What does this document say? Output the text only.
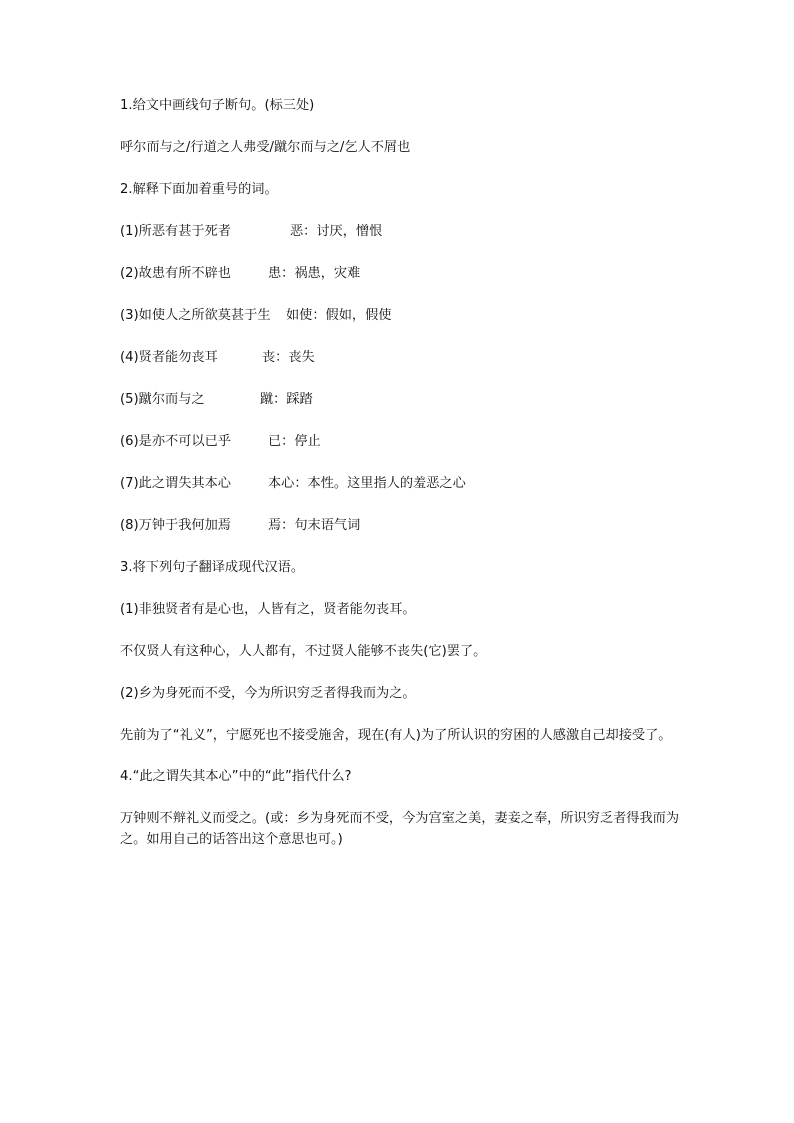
1.给文中画线句子断句。(标三处)

呼尔而与之/行道之人弗受/蹴尔而与之/乞人不屑也

2.解释下面加着重号的词。

(1)所恶有甚于死者	恶：讨厌，憎恨
(2)故患有所不辟也	患：祸患，灾难
(3)如使人之所欲莫甚于生	如使：假如，假使
(4)贤者能勿丧耳	丧：丧失
(5)蹴尔而与之	蹴：踩踏
(6)是亦不可以已乎	已：停止
(7)此之谓失其本心	本心：本性。这里指人的羞恶之心
(8)万钟于我何加焉	焉：句末语气词

3.将下列句子翻译成现代汉语。

(1)非独贤者有是心也，人皆有之，贤者能勿丧耳。

不仅贤人有这种心，人人都有，不过贤人能够不丧失(它)罢了。

(2)乡为身死而不受，今为所识穷乏者得我而为之。

先前为了“礼义”，宁愿死也不接受施舍，现在(有人)为了所认识的穷困的人感激自己却接受了。

4.“此之谓失其本心”中的“此”指代什么?

万钟则不辩礼义而受之。(或：乡为身死而不受，今为宫室之美，妻妾之奉，所识穷乏者得我而为之。如用自己的话答出这个意思也可。)
